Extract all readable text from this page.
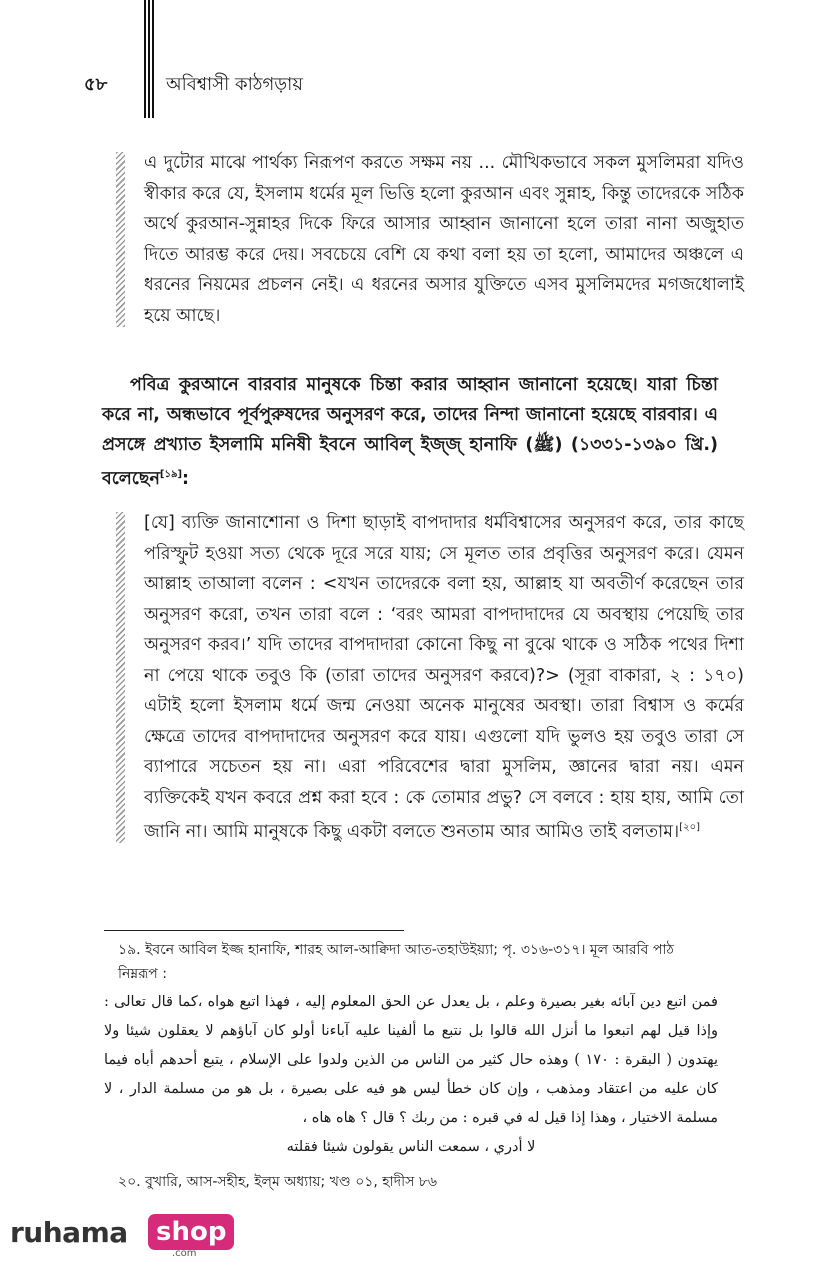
৫৮	অবিশ্বাসী কাঠগড়ায়

এ দুটোর মাঝে পার্থক্য নিরূপণ করতে সক্ষম নয় ... মৌখিকভাবে সকল মুসলিমরা যদিও স্বীকার করে যে, ইসলাম ধর্মের মূল ভিত্তি হলো কুরআন এবং সুন্নাহ, কিন্তু তাদেরকে সঠিক অর্থে কুরআন-সুন্নাহর দিকে ফিরে আসার আহ্বান জানানো হলে তারা নানা অজুহাত দিতে আরম্ভ করে দেয়। সবচেয়ে বেশি যে কথা বলা হয় তা হলো, আমাদের অঞ্চলে এ ধরনের নিয়মের প্রচলন নেই। এ ধরনের অসার যুক্তিতে এসব মুসলিমদের মগজধোলাই হয়ে আছে।

পবিত্র কুরআনে বারবার মানুষকে চিন্তা করার আহ্বান জানানো হয়েছে। যারা চিন্তা করে না, অন্ধভাবে পূর্বপুরুষদের অনুসরণ করে, তাদের নিন্দা জানানো হয়েছে বারবার। এ প্রসঙ্গে প্রখ্যাত ইসলামি মনিষী ইবনে আবিল্ ইজ্জ্ হানাফি (ﷺ) (১৩৩১-১৩৯০ খ্রি.) বলেছেন[১৯]:

[যে] ব্যক্তি জানাশোনা ও দিশা ছাড়াই বাপদাদার ধর্মবিশ্বাসের অনুসরণ করে, তার কাছে পরিস্ফুট হওয়া সত্য থেকে দূরে সরে যায়; সে মূলত তার প্রবৃত্তির অনুসরণ করে। যেমন আল্লাহ তাআলা বলেন : <যখন তাদেরকে বলা হয়, আল্লাহ যা অবতীর্ণ করেছেন তার অনুসরণ করো, তখন তারা বলে : ‘বরং আমরা বাপদাদাদের যে অবস্থায় পেয়েছি তার অনুসরণ করব।’ যদি তাদের বাপদাদারা কোনো কিছু না বুঝে থাকে ও সঠিক পথের দিশা না পেয়ে থাকে তবুও কি (তারা তাদের অনুসরণ করবে)?> (সূরা বাকারা, ২ : ১৭০) এটাই হলো ইসলাম ধর্মে জন্ম নেওয়া অনেক মানুষের অবস্থা। তারা বিশ্বাস ও কর্মের ক্ষেত্রে তাদের বাপদাদাদের অনুসরণ করে যায়। এগুলো যদি ভুলও হয় তবুও তারা সে ব্যাপারে সচেতন হয় না। এরা পরিবেশের দ্বারা মুসলিম, জ্ঞানের দ্বারা নয়। এমন ব্যক্তিকেই যখন কবরে প্রশ্ন করা হবে : কে তোমার প্রভু? সে বলবে : হায় হায়, আমি তো জানি না। আমি মানুষকে কিছু একটা বলতে শুনতাম আর আমিও তাই বলতাম।[২০]

১৯. ইবনে আবিল ইজ্জ হানাফি, শারহ আল-আক্বিদা আত-তহাউইয়্যা; পৃ. ৩১৬-৩১৭। মূল আরবি পাঠ নিম্নরূপ :
فمن اتبع دين آبائه بغير بصيرة وعلم ، بل يعدل عن الحق المعلوم إليه ، فهذا اتبع هواه ،كما قال تعالى : وإذا قيل لهم اتبعوا ما أنزل الله قالوا بل نتبع ما ألفينا عليه آباءنا أولو كان آباؤهم لا يعقلون شيئا ولا يهتدون ( البقرة : ١٧٠ ) وهذه حال كثير من الناس من الذين ولدوا على الإسلام ، يتبع أحدهم أباه فيما كان عليه من اعتقاد ومذهب ، وإن كان خطأ ليس هو فيه على بصيرة ، بل هو من مسلمة الدار ، لا مسلمة الاختيار ، وهذا إذا قيل له في قبره : من ربك ؟ قال ؟ هاه هاه ،
لا أدري ، سمعت الناس يقولون شيئا فقلته
২০. বুখারি, আস-সহীহ, ইল্‌ম অধ্যায়; খণ্ড ০১, হাদীস ৮৬
ruhama	shop
.com
